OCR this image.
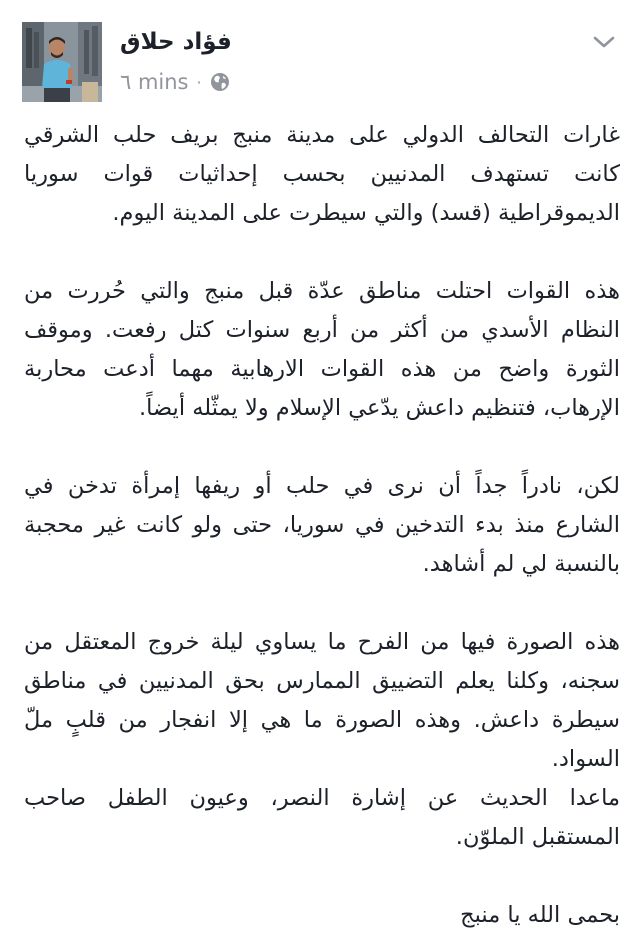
فؤاد حلاق
٦ mins ·

غارات التحالف الدولي على مدينة منبج بريف حلب الشرقي
كانت تستهدف المدنيين بحسب إحداثيات قوات سوريا
الديموقراطية (قسد) والتي سيطرت على المدينة اليوم.

هذه القوات احتلت مناطق عدّة قبل منبج والتي حُررت من
النظام الأسدي من أكثر من أربع سنوات كتل رفعت. وموقف
الثورة واضح من هذه القوات الارهابية مهما أدعت محاربة
الإرهاب، فتنظيم داعش يدّعي الإسلام ولا يمثّله أيضاً.

لكن، نادراً جداً أن نرى في حلب أو ريفها إمرأة تدخن في
الشارع منذ بدء التدخين في سوريا، حتى ولو كانت غير محجبة
بالنسبة لي لم أشاهد.

هذه الصورة فيها من الفرح ما يساوي ليلة خروج المعتقل من
سجنه، وكلنا يعلم التضييق الممارس بحق المدنيين في مناطق
سيطرة داعش. وهذه الصورة ما هي إلا انفجار من قلبٍ ملّ
السواد.
ماعدا الحديث عن إشارة النصر، وعيون الطفل صاحب
المستقبل الملوّن.

بحمى الله يا منبج
